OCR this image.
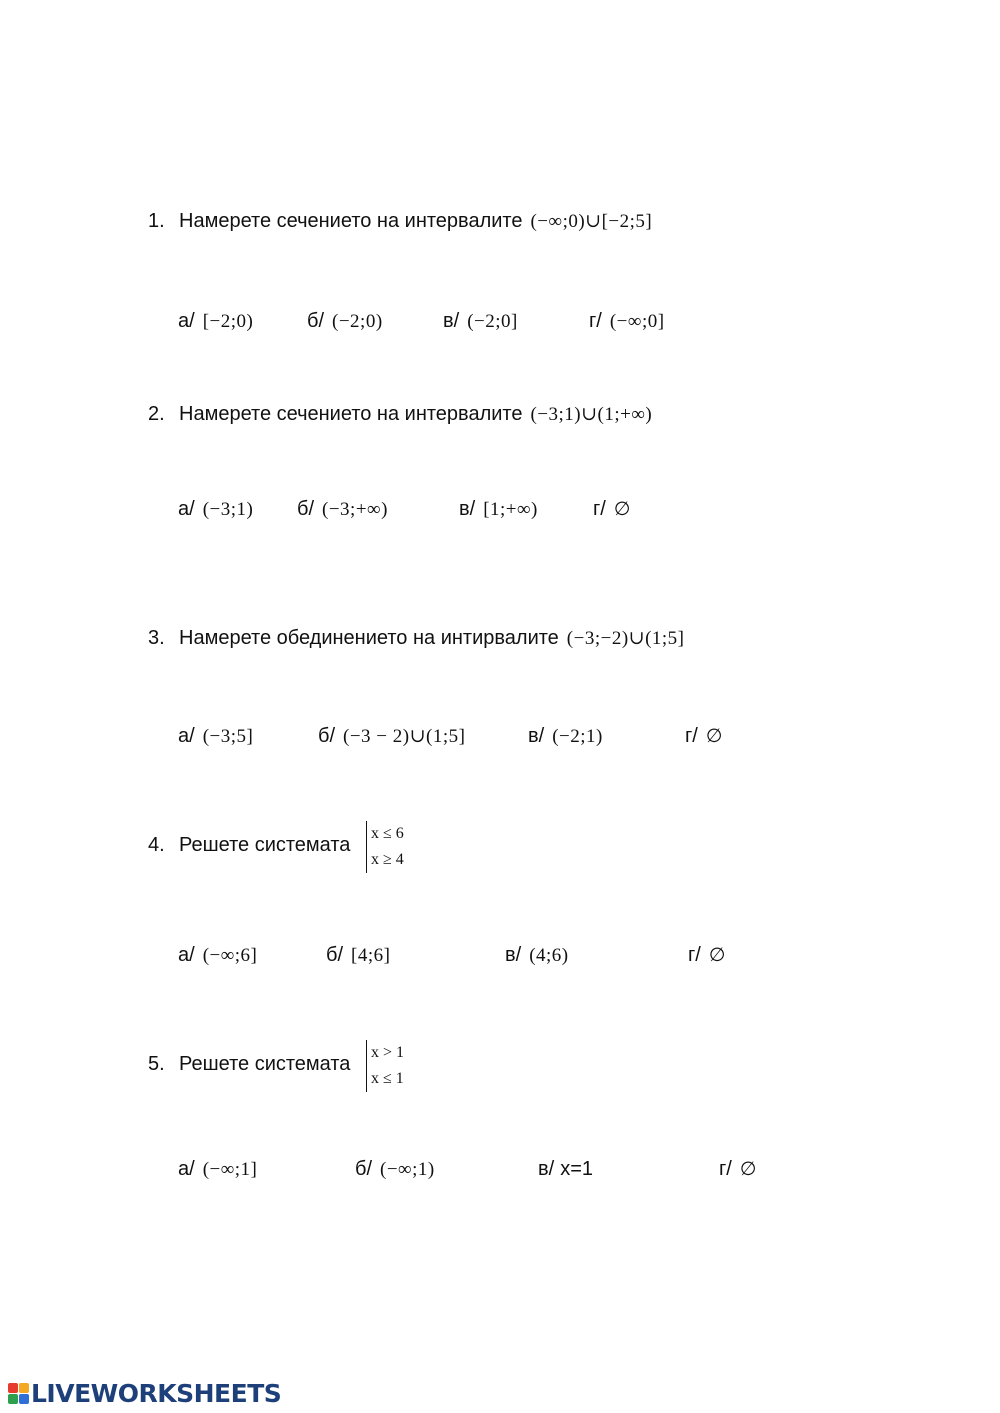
1. Намерете сечението на интервалите (−∞;0)∪[−2;5]
а/ [−2;0)	б/ (−2;0)	в/ (−2;0]	г/ (−∞;0]
2. Намерете сечението на интервалите (−3;1)∪(1;+∞)
а/ (−3;1) б/ (−3;+∞)	в/ [1;+∞)	г/ ∅
3. Намерете обединението на интирвалите (−3;−2)∪(1;5]
а/ (−3;5]	б/ (−3 − 2)∪(1;5]	в/ (−2;1)	г/ ∅
4. Решете системата
x ≤ 6
x ≥ 4
а/ (−∞;6]	б/ [4;6]	в/ (4;6)	г/ ∅
5. Решете системата
x > 1
x ≤ 1
а/ (−∞;1]	б/ (−∞;1)	в/ x=1	г/ ∅
LIVEWORKSHEETS
